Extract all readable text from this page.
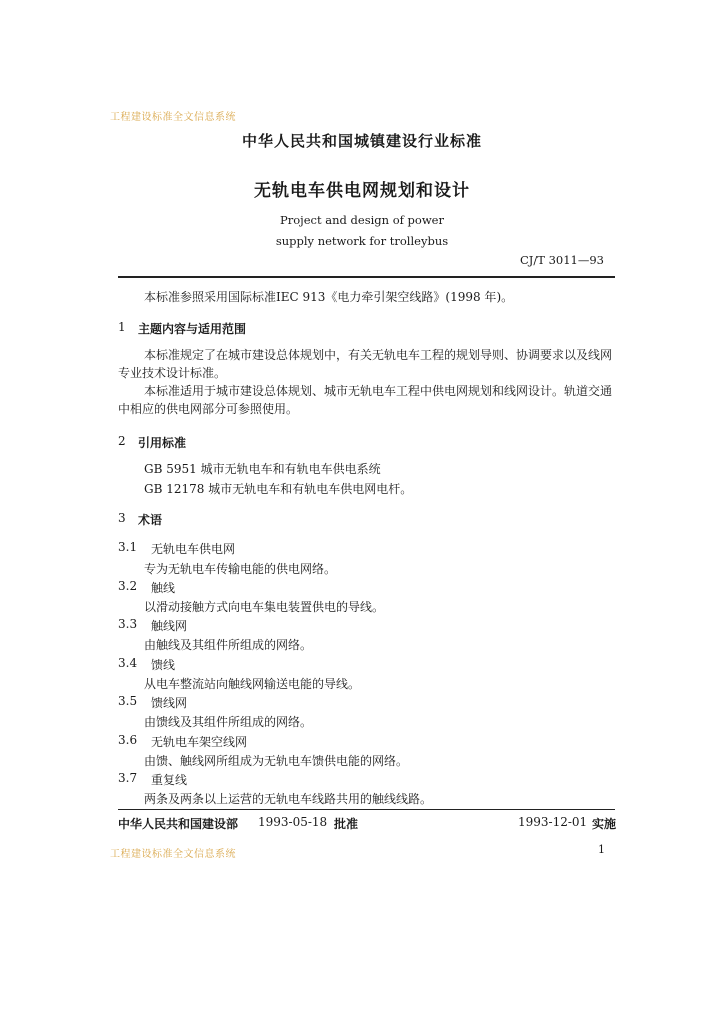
工程建设标准全文信息系统
中华人民共和国城镇建设行业标准
无轨电车供电网规划和设计
Project and design of power
supply network for trolleybus
CJ/T 3011—93
本标准参照采用国际标准IEC 913《电力牵引架空线路》(1998 年)。
1 主题内容与适用范围
本标准规定了在城市建设总体规划中，有关无轨电车工程的规划导则、协调要求以及线网专业技术设计标准。
本标准适用于城市建设总体规划、城市无轨电车工程中供电网规划和线网设计。轨道交通中相应的供电网部分可参照使用。
2 引用标准
GB 5951 城市无轨电车和有轨电车供电系统
GB 12178 城市无轨电车和有轨电车供电网电杆。
3 术语
3.1 无轨电车供电网
专为无轨电车传输电能的供电网络。
3.2 触线
以滑动接触方式向电车集电装置供电的导线。
3.3 触线网
由触线及其组件所组成的网络。
3.4 馈线
从电车整流站向触线网输送电能的导线。
3.5 馈线网
由馈线及其组件所组成的网络。
3.6 无轨电车架空线网
由馈、触线网所组成为无轨电车馈供电能的网络。
3.7 重复线
两条及两条以上运营的无轨电车线路共用的触线线路。
中华人民共和国建设部 1993-05-18 批准	1993-12-01 实施
1
工程建设标准全文信息系统
